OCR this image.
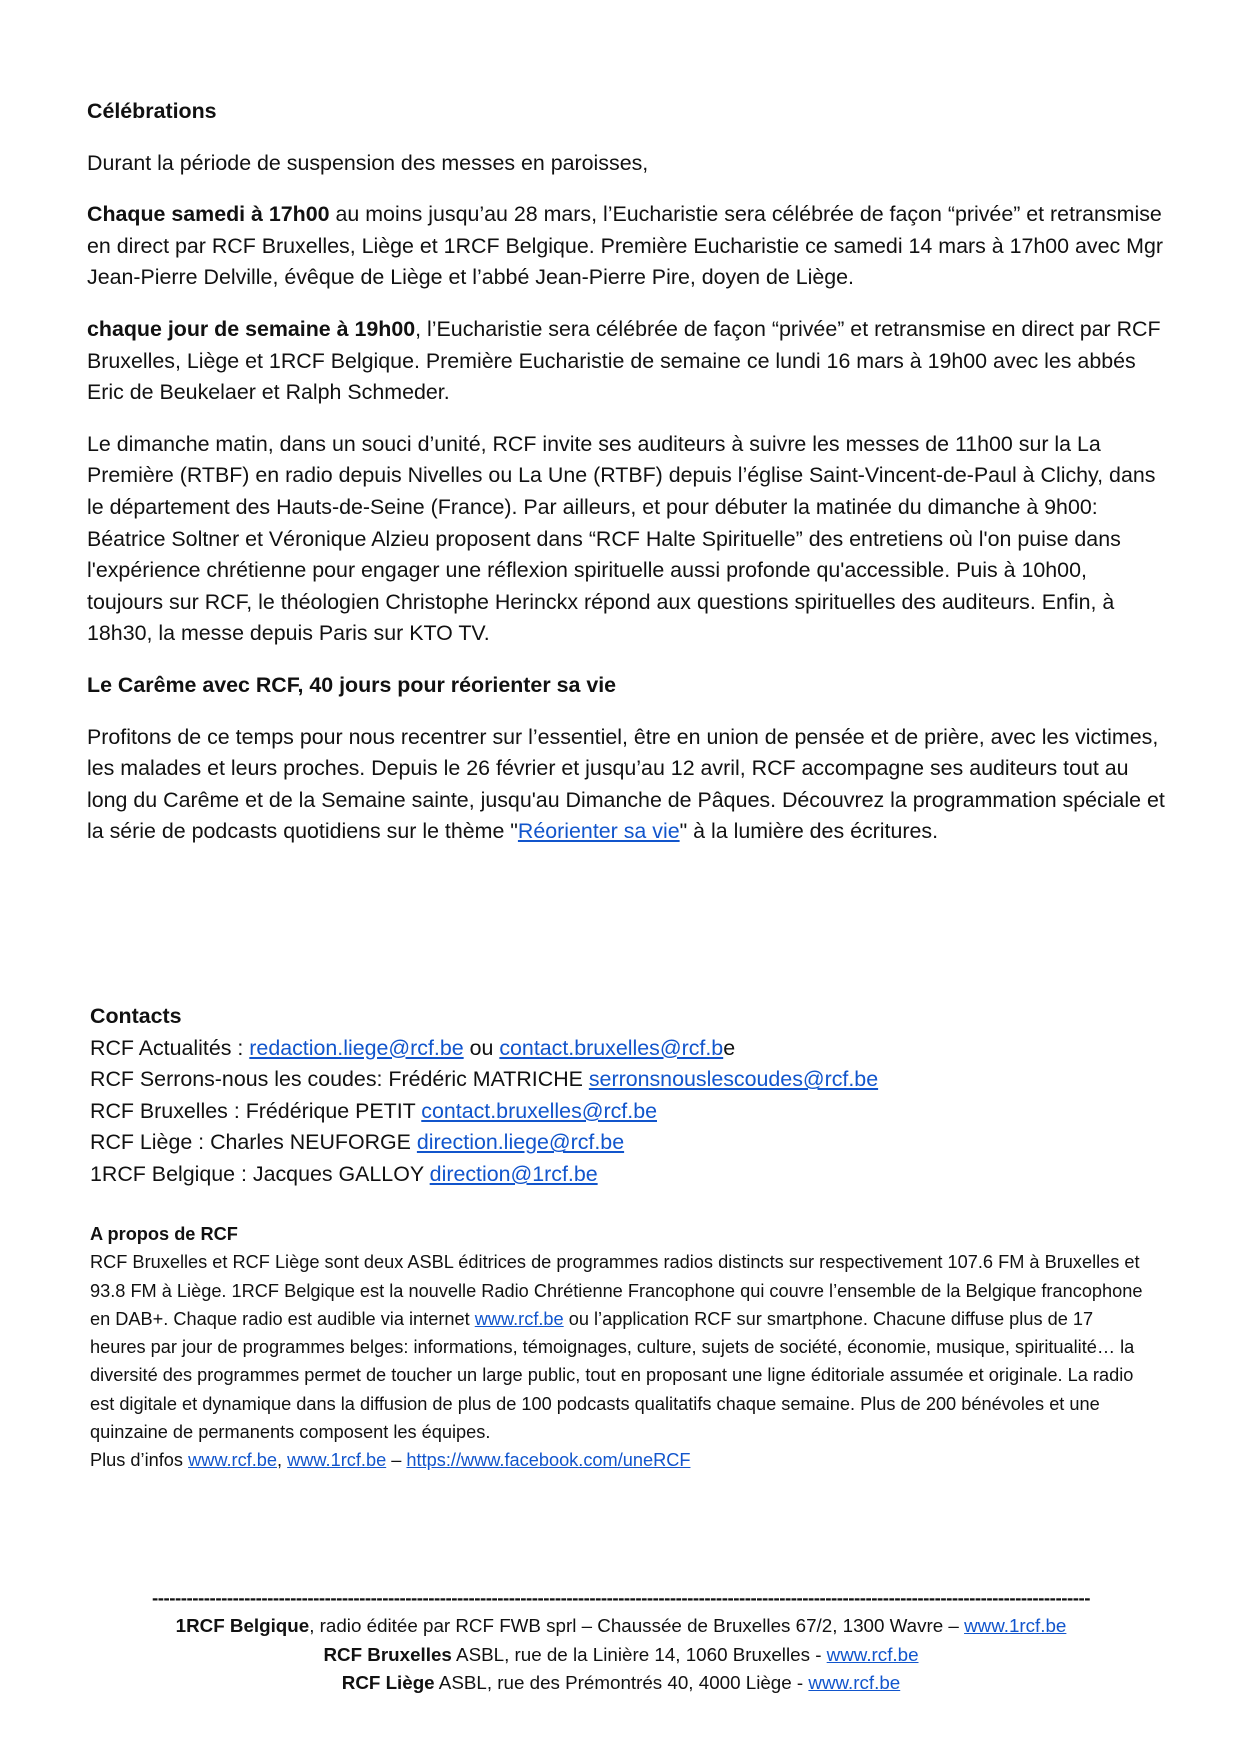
Célébrations

Durant la période de suspension des messes en paroisses,

Chaque samedi à 17h00 au moins jusqu’au 28 mars, l’Eucharistie sera célébrée de façon “privée” et retransmise en direct par RCF Bruxelles, Liège et 1RCF Belgique. Première Eucharistie ce samedi 14 mars à 17h00 avec Mgr Jean-Pierre Delville, évêque de Liège et l’abbé Jean-Pierre Pire, doyen de Liège.

chaque jour de semaine à 19h00, l’Eucharistie sera célébrée de façon “privée” et retransmise en direct par RCF Bruxelles, Liège et 1RCF Belgique. Première Eucharistie de semaine ce lundi 16 mars à 19h00 avec les abbés Eric de Beukelaer et Ralph Schmeder.

Le dimanche matin, dans un souci d’unité, RCF invite ses auditeurs à suivre les messes de 11h00 sur la La Première (RTBF) en radio depuis Nivelles ou La Une (RTBF) depuis l’église Saint-Vincent-de-Paul à Clichy, dans le département des Hauts-de-Seine (France). Par ailleurs, et pour débuter la matinée du dimanche à 9h00: Béatrice Soltner et Véronique Alzieu proposent dans “RCF Halte Spirituelle” des entretiens où l'on puise dans l'expérience chrétienne pour engager une réflexion spirituelle aussi profonde qu'accessible. Puis à 10h00, toujours sur RCF, le théologien Christophe Herinckx répond aux questions spirituelles des auditeurs. Enfin, à 18h30, la messe depuis Paris sur KTO TV.

Le Carême avec RCF, 40 jours pour réorienter sa vie

Profitons de ce temps pour nous recentrer sur l’essentiel, être en union de pensée et de prière, avec les victimes, les malades et leurs proches. Depuis le 26 février et jusqu’au 12 avril, RCF accompagne ses auditeurs tout au long du Carême et de la Semaine sainte, jusqu'au Dimanche de Pâques. Découvrez la programmation spéciale et la série de podcasts quotidiens sur le thème "Réorienter sa vie" à la lumière des écritures.

Contacts
RCF Actualités : redaction.liege@rcf.be ou contact.bruxelles@rcf.be
RCF Serrons-nous les coudes: Frédéric MATRICHE serronsnouslescoudes@rcf.be
RCF Bruxelles : Frédérique PETIT contact.bruxelles@rcf.be
RCF Liège : Charles NEUFORGE direction.liege@rcf.be
1RCF Belgique : Jacques GALLOY direction@1rcf.be
A propos de RCF
RCF Bruxelles et RCF Liège sont deux ASBL éditrices de programmes radios distincts sur respectivement 107.6 FM à Bruxelles et 93.8 FM à Liège. 1RCF Belgique est la nouvelle Radio Chrétienne Francophone qui couvre l’ensemble de la Belgique francophone en DAB+. Chaque radio est audible via internet www.rcf.be ou l’application RCF sur smartphone. Chacune diffuse plus de 17 heures par jour de programmes belges: informations, témoignages, culture, sujets de société, économie, musique, spiritualité… la diversité des programmes permet de toucher un large public, tout en proposant une ligne éditoriale assumée et originale. La radio est digitale et dynamique dans la diffusion de plus de 100 podcasts qualitatifs chaque semaine. Plus de 200 bénévoles et une quinzaine de permanents composent les équipes.
Plus d’infos www.rcf.be, www.1rcf.be – https://www.facebook.com/uneRCF
-------------------------------------------------------------------------------------------------------------------------------------------------------------------
1RCF Belgique, radio éditée par RCF FWB sprl – Chaussée de Bruxelles 67/2, 1300 Wavre – www.1rcf.be
RCF Bruxelles ASBL, rue de la Linière 14, 1060 Bruxelles - www.rcf.be
RCF Liège ASBL, rue des Prémontrés 40, 4000 Liège - www.rcf.be
